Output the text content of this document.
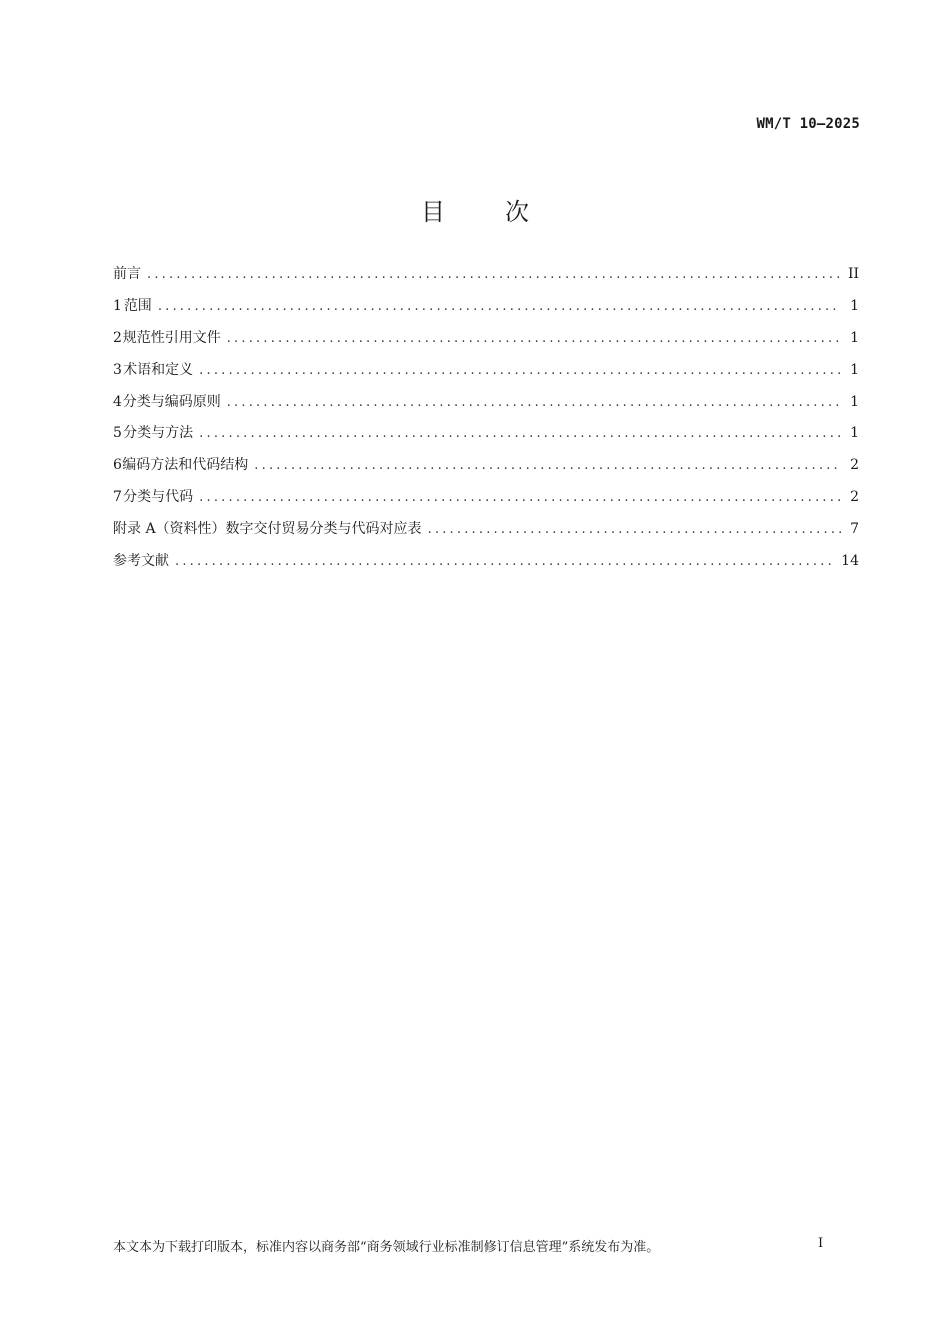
WM/T 10—2025
目次
前言 .....	II
1 范围 .....	1
2 规范性引用文件 .....	1
3 术语和定义 .....	1
4 分类与编码原则 .....	1
5 分类与方法 .....	1
6 编码方法和代码结构 .....	2
7 分类与代码 .....	2
附录 A（资料性）数字交付贸易分类与代码对应表 .....	7
参考文献 .....	14
本文本为下载打印版本，标准内容以商务部“商务领域行业标准制修订信息管理”系统发布为准。	I
